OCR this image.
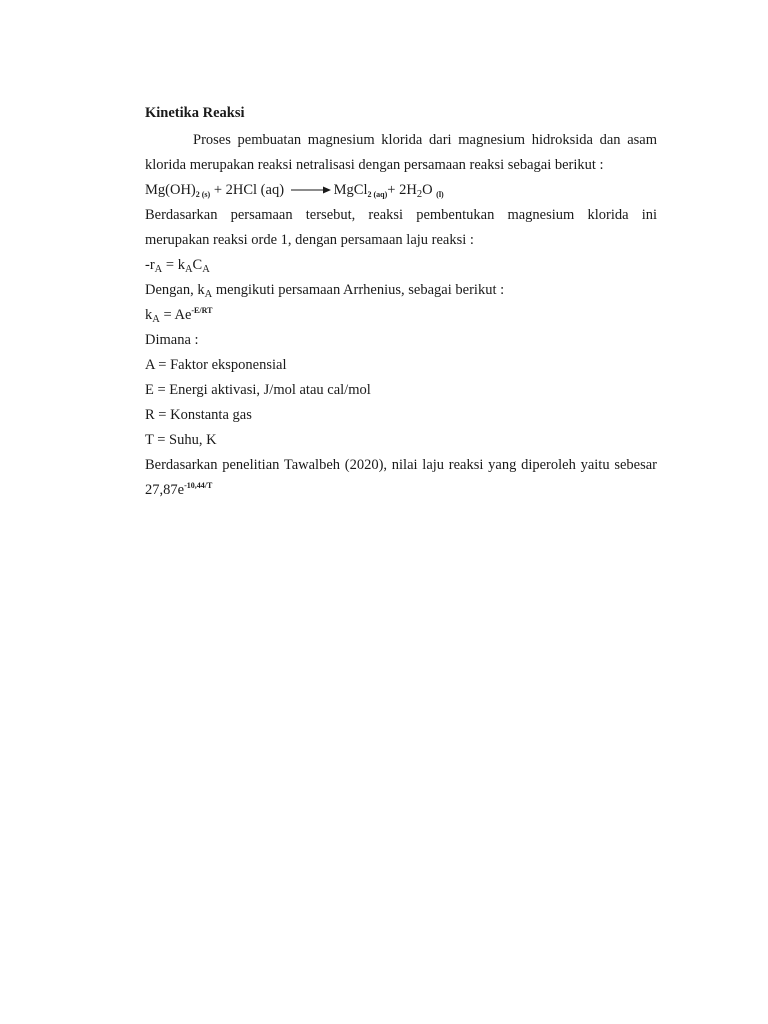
Kinetika Reaksi

Proses pembuatan magnesium klorida dari magnesium hidroksida dan asam klorida merupakan reaksi netralisasi dengan persamaan reaksi sebagai berikut :

$Mg(OH)_{2 (s)} + 2HCl$ (aq)	MgCl$_{2 (aq)}$+ $2H_2O$ $_{(l)}$

Berdasarkan persamaan tersebut, reaksi pembentukan magnesium klorida ini merupakan reaksi orde 1, dengan persamaan laju reaksi :

$-r_A = k_AC_A$

Dengan, $k_A$ mengikuti persamaan Arrhenius, sebagai berikut :

$k_A = Ae^{-E/RT}$

Dimana :

A = Faktor eksponensial

E = Energi aktivasi, J/mol atau cal/mol

R = Konstanta gas

T = Suhu, K

Berdasarkan penelitian Tawalbeh (2020), nilai laju reaksi yang diperoleh yaitu sebesar $27,87e^{-10,44/T}$
